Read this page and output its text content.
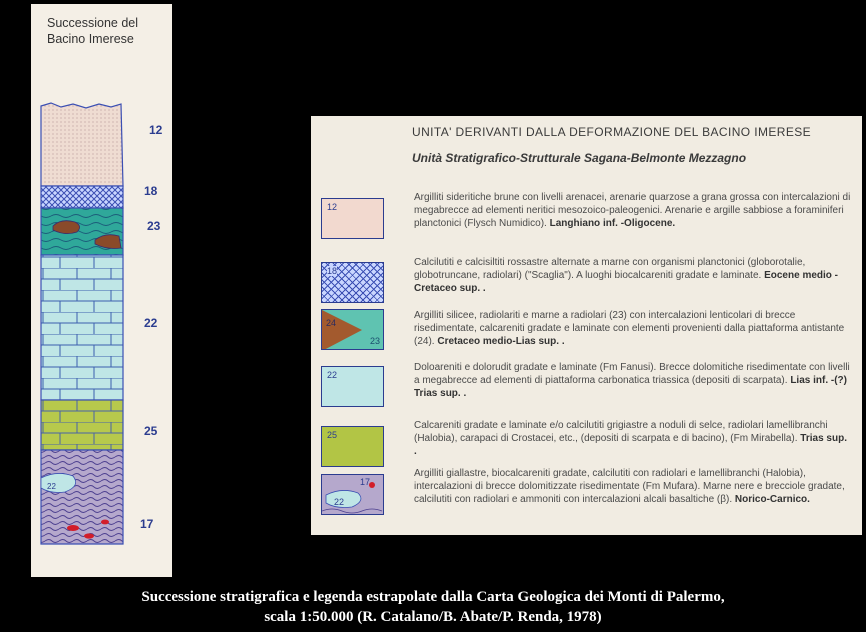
Successione del
Bacino Imerese
22
12
18
23
22
25
17
UNITA' DERIVANTI DALLA DEFORMAZIONE DEL BACINO IMERESE
Unità Stratigrafico-Strutturale Sagana-Belmonte Mezzagno
12
Argilliti sideritiche brune con livelli arenacei, arenarie quarzose a grana grossa con intercalazioni di megabrecce ad elementi neritici mesozoico-paleogenici. Arenarie e argille sabbiose a foraminiferi planctonici (Flysch Numidico). Langhiano inf. -Oligocene.
18
Calcilutiti e calcisiltiti rossastre alternate a marne con organismi planctonici (globorotalie, globotruncane, radiolari) ("Scaglia"). A luoghi biocalcareniti gradate e laminate. Eocene medio -Cretaceo sup. .
24
23
Argilliti silicee, radiolariti e marne a radiolari (23) con intercalazioni lenticolari di brecce risedimentate, calcareniti gradate e laminate con elementi provenienti dalla piattaforma antistante (24). Cretaceo medio-Lias sup. .
22
Doloareniti e dolorudit gradate e laminate (Fm Fanusi). Brecce dolomitiche risedimentate con livelli a megabrecce ad elementi di piattaforma carbonatica triassica (depositi di scarpata). Lias inf. -(?) Trias sup. .
25
Calcareniti gradate e laminate e/o calcilutiti grigiastre a noduli di selce, radiolari lamellibranchi (Halobia), carapaci di Crostacei, etc., (depositi di scarpata e di bacino), (Fm Mirabella). Trias sup. .
22
17
Argilliti giallastre, biocalcareniti gradate, calcilutiti con radiolari e lamellibranchi (Halobia), intercalazioni di brecce dolomitizzate risedimentate (Fm Mufara). Marne nere e brecciole gradate, calcilutiti con radiolari e ammoniti con intercalazioni alcali basaltiche (β). Norico-Carnico.
Successione stratigrafica e legenda estrapolate dalla Carta Geologica dei Monti di Palermo,
scala 1:50.000 (R. Catalano/B. Abate/P. Renda, 1978)
